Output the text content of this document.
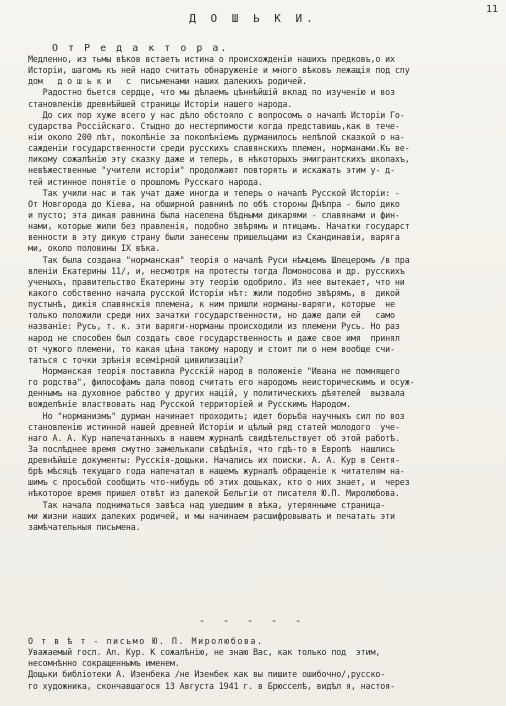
11
Д О Ш Ь К И.
О т Р е д а к т о р а.
Медленно, из тьмы вѣков встаетъ истина о происхожденiи нашихъ предковъ,о их
Исторiи, шагомъ къ ней надо считать обнаруженiе и много вѣковъ лежащiя под спу
дом   д о ш ь к и   с  письменами наших далекихъ родичей.
Радостно бьется сердце, что мы дѣлаемъ цѣннѣйшiй вклад по изученiю и воз
становленiю древнѣйшей страницы Исторiи нашего народа.
До сих пор хуже всего у нас дѣло обстояло с вопросомъ о началѣ Исторiи Го-
сударства Россiйскаго. Стыдно до нестерпимости когда представишь,как в тече-
нiи около 200 лѣт, поколѣнiе за поколѣнiемъ дурманилось нелѣпой сказкой о на-
сажденiи государственности среди русскихъ славянскихъ племен, норманами.Къ ве-
ликому сожалѣнiю эту сказку даже и теперь, в нѣкоторыхъ эмигрантскихъ школахъ,
невѣжественные "учители исторiи" продолжают повторять и искажать этим у- д-
тей истинное понятiе о прошломъ Русскаго народа.
Так учили нас и так учат даже иногда и теперь о началѣ Русской Исторiи: -
От Новгорода до Кiева, на обширной равнинѣ по обѣ стороны Днѣпра - было дико
и пусто; эта дикая равнина была населена бѣдными дикарями - славянами и фин-
нами, которые жили без правленiя, подобно звѣрямъ и птицамъ. Начатки государст
венности в эту дикую страну были занесены пришельцами из Скандинавiи, варяга
ми, около половины IX вѣка.
Так была создана "норманская" теорiя о началѣ Руси нѣмцемъ Шлецеромъ /в пра
вленiи Екатерины 11/, и, несмотря на протесты тогда Ломоносова и др. русскихъ
ученыхъ, правительство Екатерины эту теорiю одобрило. Из нее вытекает, что ни
какого собственно начала русской Исторiи нѣт: жили подобно звѣрямъ, в  дикой
пустынѣ, дикiя славянскiя племена, к ним пришли норманы-варяги, которые  не
только положили среди них зачатки государственности, но даже дали ей   само
названiе: Русь, т. к. эти варяги-норманы происходили из племени Русь. Но раз
народ не способен был создать свое государственность и даже свое имя  принял
от чужого племени, то какая цѣна такому народу и стоит ли о нем вообще счи-
таться с точки зрѣнiя всемiрной цивилизацiи?
Норманская теорiя поставила Русскiй народ в положенiе "Ивана не помнящего
го родства", философамъ дала повод считать его народомъ неисторическимъ и осуж-
деннымъ на духовное рабство у других нацiй, у политическихъ дѣятелей  вызвала
вожделѣнiе властвовать над Русской территорiей и Русскимъ Народом.
Но "норманизмъ" дурман начинает проходить; идет борьба научныхъ сил по воз
становленiю истинной нашей древней Исторiи и цѣлый ряд статей молодого  уче-
наго А. А. Кур напечатанныхъ в нашем журналѣ свидѣтельствует об этой работѣ.
За послѣднее время смутно замелькали свѣдѣнiя, что гдѣ-то в Европѣ  нашлись
древнѣйшiе документы: Русскiя-дощьки. Начались их поиски. А. А. Кур в Сентя-
брѣ мѣсяцѣ текущаго года напечатал в нашемъ журналѣ обращенiе к читателям на-
шимъ с просьбой сообщить что-нибудь об этих дощьках, кто о них знает, и  через
нѣкоторое время пришел отвѣт из далекой Бельгiи от писателя Ю.П. Миролюбова.
Так начала подниматься завѣса над ушедшим в вѣка, утерянныме страница-
ми жизни наших далеких родичей, и мы начинаем расшифровывать и печатать эти
замѣчательныя письмена.
- - - - -
О т в ѣ т - письмо Ю. П. Миролюбова.
Уважаемый госп. Ал. Кур. К сожалѣнiю, не знаю Вас, как только под  этим,
несомнѣнно сокращеннымъ именем.
Дощьки библiотеки А. Изенбека /не Изенбек как вы пишите ошибочно/,русско-
го художника, скончавшагося 13 Августа 1941 г. в Брюсселѣ, видѣл я, настоя-
